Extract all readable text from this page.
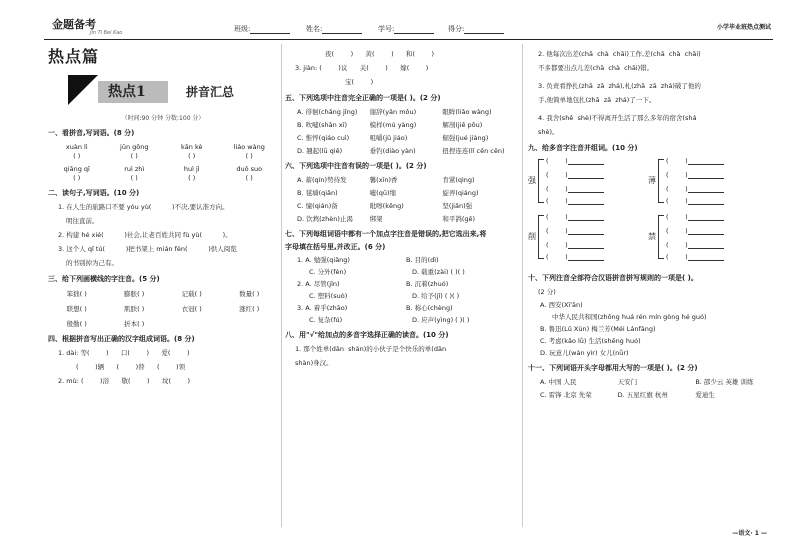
金题备考
Jin Ti Bei Kao	班级:	姓名:	学号:	得分:	小学毕业班热点测试
热点篇
热点1	拼音汇总
（时间:90 分钟 分数:100 分）
一、看拼音,写词语。(8 分)
xuàn lì	jūn gōng	kān kè	liáo wàng
( )	( )	( )	( )
qiāng qī	ruì zhì	huì jì	duō suo
( )	( )	( )	( )
二、读句子,写词语。(10 分)
1. 在人生的旅路口不要 yóu yù(          )不决,要认准方向。
明往直前。
2. 构建 hé xié(          )社会,让老百姓共同 fù yù(          )。
3. 这个人 qǐ tú(          )把书架上 mián fén(          )供人阅览
的书别掉为己有。
三、给下列画横线的字注音。(5 分)
笨拙( )	膨胀( )	记载( )	数量( )
联想( )	肌肤( )	衣冠( )	涨红( )
殷勤( )	折本( )
四、根据拼音写出正确的汉字组成词语。(8 分)
1. dài: 等(        )      口(        )      爱(        )
(        )辆      (        )替      (        )领
2. mù: (        )浴      敬(        )      坟(        )
夜(        )      黄(        )      和(        )
3. jiàn: (        )议      关(        )      嫁(        )
宝(        )
五、下列选项中注音完全正确的一项是( )。(2 分)
A. 徘徊(chǎng jǐng)	谢辞(yǎn mǒu)	眼眸(liǎo wàng)
B. 吹嘘(shān xī)	模样(mú yàng)	解剖(jiě pōu)
C. 惟悴(qiáo cuì)	咀嚼(jǔ jiáo)	倔强(jué jiàng)
D. 翘起(lǜ qiě)	垂钓(diào yàn)	扭捏连连(lǐ cēn cēn)
六、下列选项中注音有误的一项是( )。(2 分)
A. 蓄(qín)势待发	馨(xīn)香	肯紧(qìng)
B. 毬墙(qiǎn)	嘘(qū)缩	旋弄(qiáng)
C. 憧(qián)备	吡嚓(kēng)	坚(jiǎn)强
D. 饮鸩(zhèn)止渴	绑架	和平鸽(gē)
七、下列每组词语中都有一个加点字注音是错误的,把它选出来,将
字母填在括号里,并改正。(6 分)
1. A. 勉强(qiǎng)	B. 目的(dì)
C. 分外(fèn)	D. 载重(zài) ( )( )
2. A. 尽管(jǐn)	B. 沉着(zhuó)
C. 塑料(suò)	D. 给予(jǐ) ( )( )
3. A. 着乎(zhāo)	B. 称心(chèng)
C. 复杂(fú)	D. 应声(yìng) ( )( )
八、用"√"给加点的多音字选择正确的读音。(10 分)
1. 那个姓单(dān  shàn)的小伙子是个快乐的单(dān
shàn)身汉。
2. 他每次出差(chā  chà  chāi)工作,差(chā  chà  chāi)
不多都要出点儿差(chā  chà  chāi)错。
3. 负责看挣扎(zhā  zā  zhá),札(zhā  zā  zhá)破了他的
手,他简单地包扎(zhā  zā  zhá)了一下。
4. 我舍(shě  shè)不得离开生活了那么多年的宿舍(shá
shè)。
九、给多音字注音并组词。(10 分)
强
(        )
(        )
(        )
(        )
薄
(        )
(        )
(        )
(        )
削
(        )
(        )
(        )
(        )
禁
(        )
(        )
(        )
(        )
十、下列注音全部符合汉语拼音拼写规则的一项是( )。
(2 分)
A. 西安(Xī'ān)
中华人民共和国(zhōng huá rén mín gòng hé guó)
B. 鲁迅(Lǔ Xùn) 梅兰芳(Méi Lánfāng)
C. 考虑(kǎo lǜ) 生活(shēng huó)
D. 玩意儿(wán yìr) 女儿(nǚr)
十一、下列词语开头字母都用大写的一项是( )。(2 分)
A. 中国 人民	天安门	B. 邵少云 英雄 训练
C. 雷锋 北京 先荣	D. 五星红旗 杭州	爱迪生
—语文· 1 —
